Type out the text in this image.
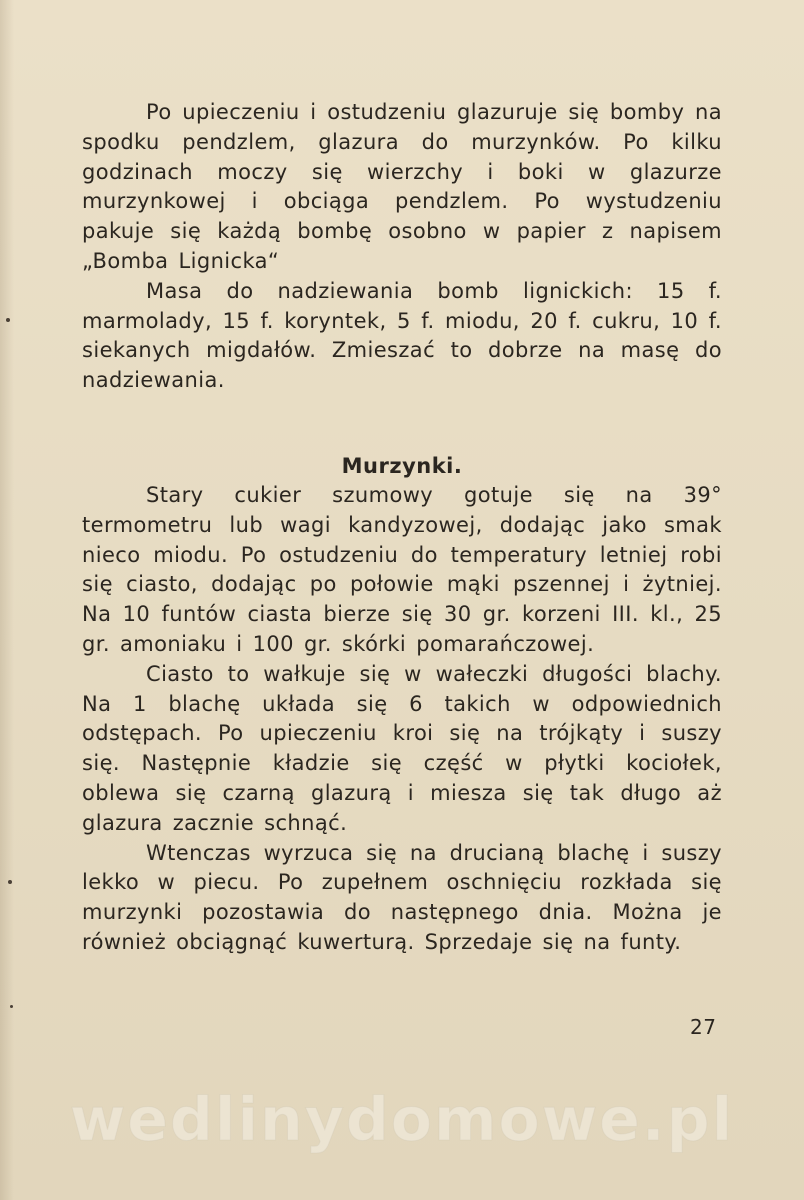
Po upieczeniu i ostudzeniu glazuruje się bomby na spodku pendzlem, glazura do murzynków. Po kilku godzinach moczy się wierzchy i boki w glazurze murzynkowej i obciąga pendzlem. Po wystudzeniu pakuje się każdą bombę osobno w papier z napisem „Bomba Lignicka“

Masa do nadziewania bomb lignickich: 15 f. marmolady, 15 f. koryntek, 5 f. miodu, 20 f. cukru, 10 f. siekanych migdałów. Zmieszać to dobrze na masę do nadziewania.

Murzynki.

Stary cukier szumowy gotuje się na 39° termometru lub wagi kandyzowej, dodając jako smak nieco miodu. Po ostudzeniu do temperatury letniej robi się ciasto, dodając po połowie mąki pszennej i żytniej. Na 10 funtów ciasta bierze się 30 gr. korzeni III. kl., 25 gr. amoniaku i 100 gr. skórki pomarańczowej.

Ciasto to wałkuje się w wałeczki długości blachy. Na 1 blachę układa się 6 takich w odpowiednich odstępach. Po upieczeniu kroi się na trójkąty i suszy się. Następnie kładzie się część w płytki kociołek, oblewa się czarną glazurą i miesza się tak długo aż glazura zacznie schnąć.

Wtenczas wyrzuca się na drucianą blachę i suszy lekko w piecu. Po zupełnem oschnięciu rozkłada się murzynki pozostawia do następnego dnia. Można je również obciągnąć kuwerturą. Sprzedaje się na funty.

27
wedlinydomowe.pl
